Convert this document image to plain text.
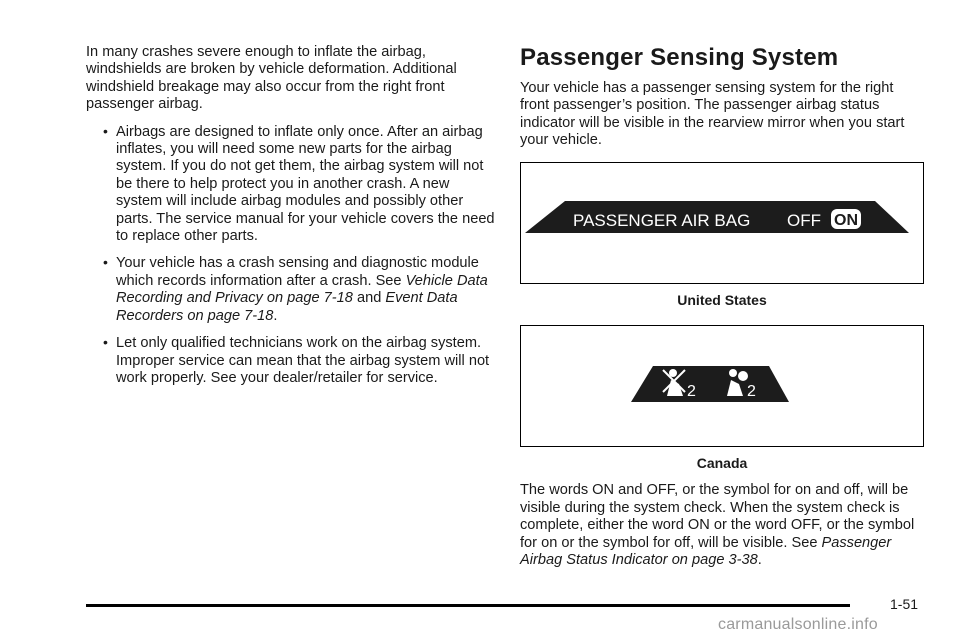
In many crashes severe enough to inflate the airbag, windshields are broken by vehicle deformation. Additional windshield breakage may also occur from the right front passenger airbag.

• Airbags are designed to inflate only once. After an airbag inflates, you will need some new parts for the airbag system. If you do not get them, the airbag system will not be there to help protect you in another crash. A new system will include airbag modules and possibly other parts. The service manual for your vehicle covers the need to replace other parts.

• Your vehicle has a crash sensing and diagnostic module which records information after a crash. See Vehicle Data Recording and Privacy on page 7-18 and Event Data Recorders on page 7-18.

• Let only qualified technicians work on the airbag system. Improper service can mean that the airbag system will not work properly. See your dealer/retailer for service.

Passenger Sensing System

Your vehicle has a passenger sensing system for the right front passenger’s position. The passenger airbag status indicator will be visible in the rearview mirror when you start your vehicle.

PASSENGER AIR BAG OFF ON
United States
2	2
Canada

The words ON and OFF, or the symbol for on and off, will be visible during the system check. When the system check is complete, either the word ON or the word OFF, or the symbol for on or the symbol for off, will be visible. See Passenger Airbag Status Indicator on page 3-38.

1-51
carmanualsonline.info
